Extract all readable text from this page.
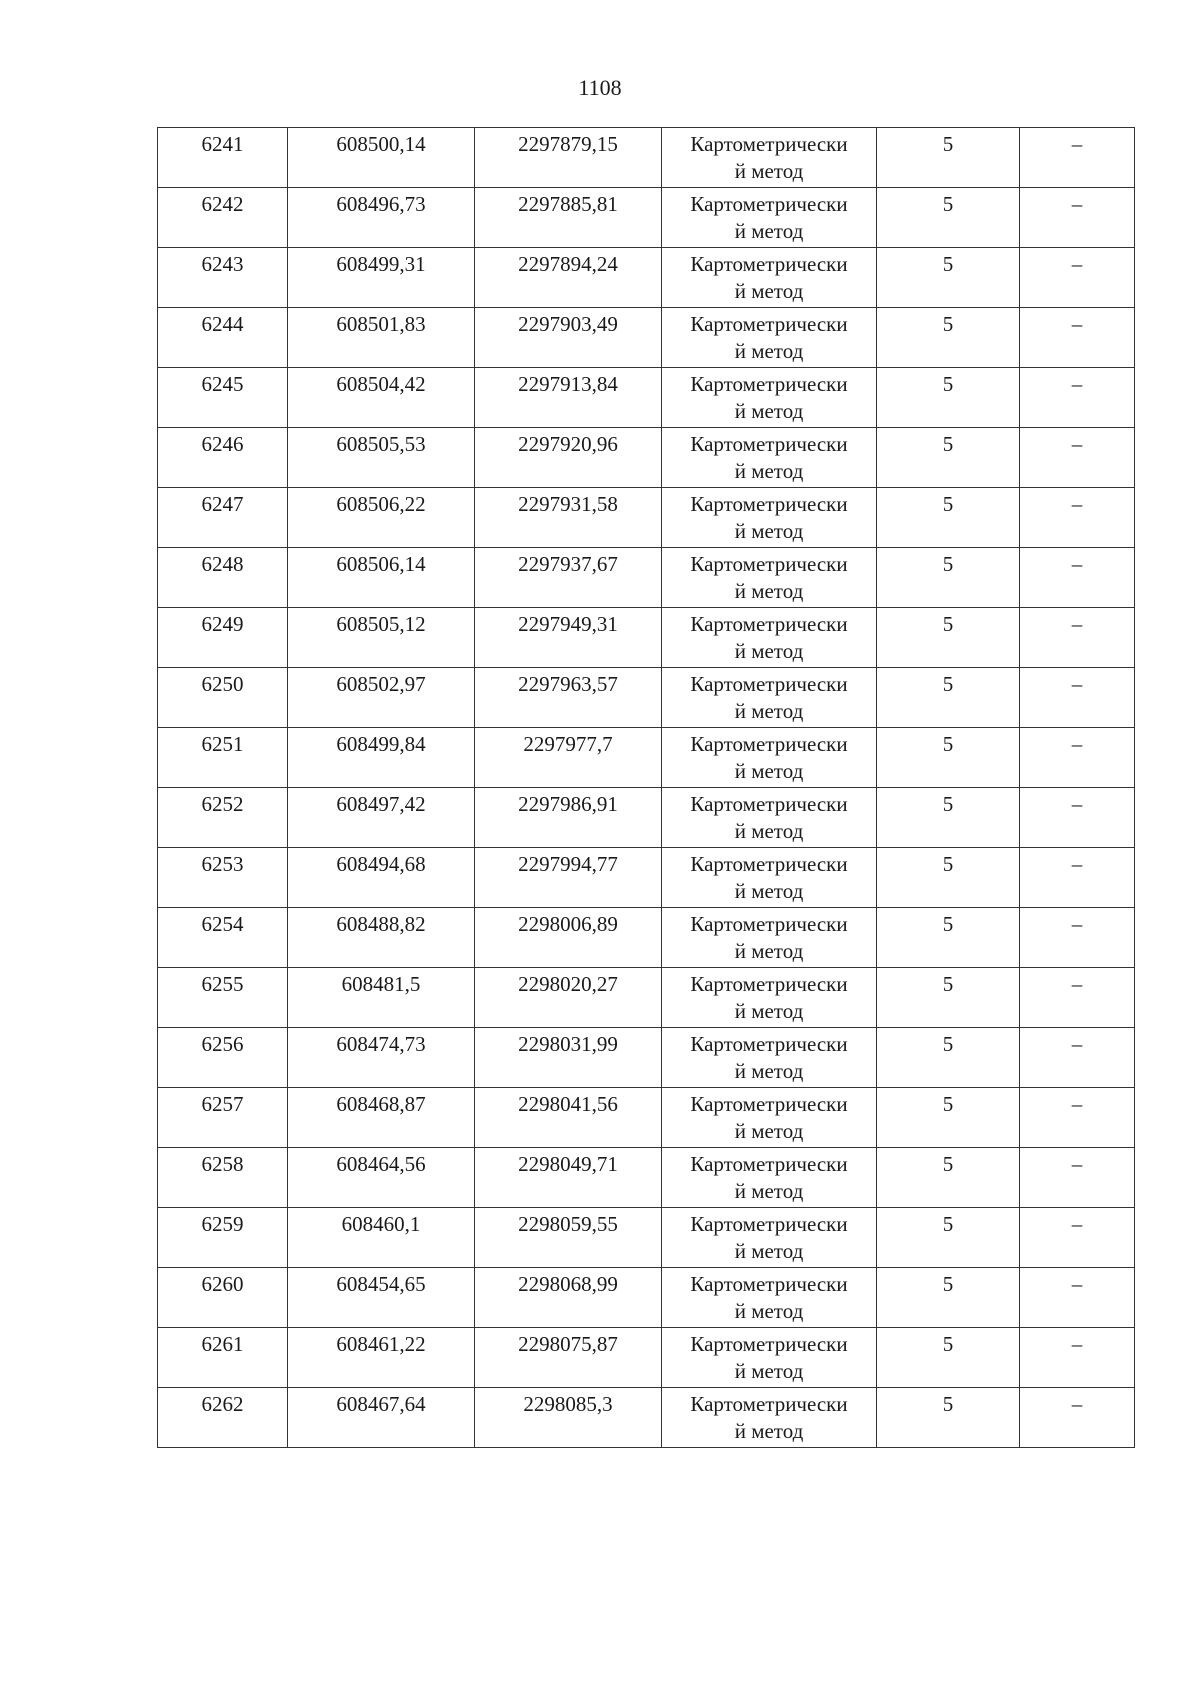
1108
6241	608500,14	2297879,15	Картометрически
й метод	5	–

6242	608496,73	2297885,81	Картометрически
й метод	5	–

6243	608499,31	2297894,24	Картометрически
й метод	5	–

6244	608501,83	2297903,49	Картометрически
й метод	5	–

6245	608504,42	2297913,84	Картометрически
й метод	5	–

6246	608505,53	2297920,96	Картометрически
й метод	5	–

6247	608506,22	2297931,58	Картометрически
й метод	5	–

6248	608506,14	2297937,67	Картометрически
й метод	5	–

6249	608505,12	2297949,31	Картометрически
й метод	5	–

6250	608502,97	2297963,57	Картометрически
й метод	5	–

6251	608499,84	2297977,7	Картометрически
й метод	5	–

6252	608497,42	2297986,91	Картометрически
й метод	5	–

6253	608494,68	2297994,77	Картометрически
й метод	5	–

6254	608488,82	2298006,89	Картометрически
й метод	5	–

6255	608481,5	2298020,27	Картометрически
й метод	5	–

6256	608474,73	2298031,99	Картометрически
й метод	5	–

6257	608468,87	2298041,56	Картометрически
й метод	5	–

6258	608464,56	2298049,71	Картометрически
й метод	5	–

6259	608460,1	2298059,55	Картометрически
й метод	5	–

6260	608454,65	2298068,99	Картометрически
й метод	5	–

6261	608461,22	2298075,87	Картометрически
й метод	5	–

6262	608467,64	2298085,3	Картометрически
й метод	5	–
